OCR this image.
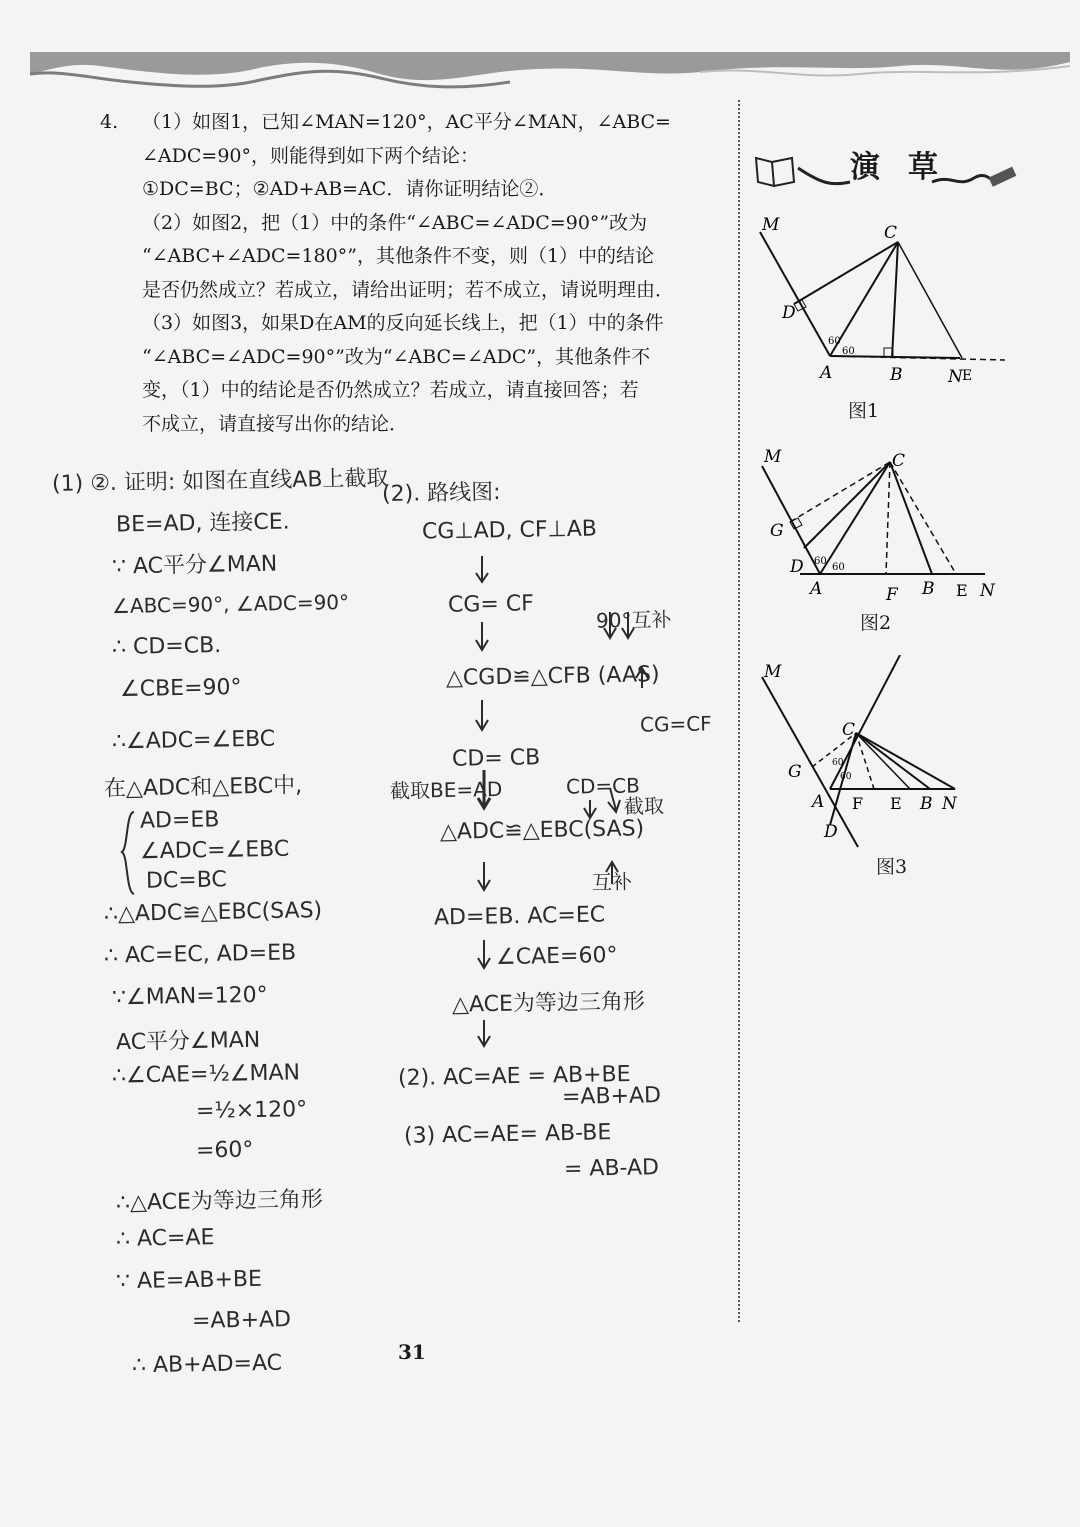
4. （1）如图1，已知∠MAN=120°，AC平分∠MAN，∠ABC=

∠ADC=90°，则能得到如下两个结论：

①DC=BC；②AD+AB=AC．请你证明结论②．

（2）如图2，把（1）中的条件“∠ABC=∠ADC=90°”改为

“∠ABC+∠ADC=180°”，其他条件不变，则（1）中的结论

是否仍然成立？若成立，请给出证明；若不成立，请说明理由．

（3）如图3，如果D在AM的反向延长线上，把（1）中的条件

“∠ABC=∠ADC=90°”改为“∠ABC=∠ADC”，其他条件不

变，（1）中的结论是否仍然成立？若成立，请直接回答；若

不成立，请直接写出你的结论．

演草
M	C
D
A	B	N E
60
60
图1
M	C
G
D
A	F B E N
60
60
图2
M
C
G
A F E B N
D
60
60
图3
(1) ②. 证明: 如图在直线AB上截取
BE=AD, 连接CE.
∵ AC平分∠MAN
∠ABC=90°, ∠ADC=90°
∴ CD=CB.
∠CBE=90°
∴∠ADC=∠EBC
在△ADC和△EBC中,
AD=EB
∠ADC=∠EBC
DC=BC
∴△ADC≌△EBC(SAS)
∴ AC=EC, AD=EB
∵∠MAN=120°
AC平分∠MAN
∴∠CAE=½∠MAN
=½×120°
=60°
∴△ACE为等边三角形
∴ AC=AE
∵ AE=AB+BE
=AB+AD
∴ AB+AD=AC
(2). 路线图:
CG⊥AD, CF⊥AB
CG= CF
90°互补
△CGD≌△CFB (AAS)
CG=CF
CD= CB
截取BE=AD	CD=CB
截取
△ADC≌△EBC(SAS)
互补
AD=EB. AC=EC
∠CAE=60°
△ACE为等边三角形
(2). AC=AE = AB+BE
=AB+AD
(3) AC=AE= AB-BE
= AB-AD
31
